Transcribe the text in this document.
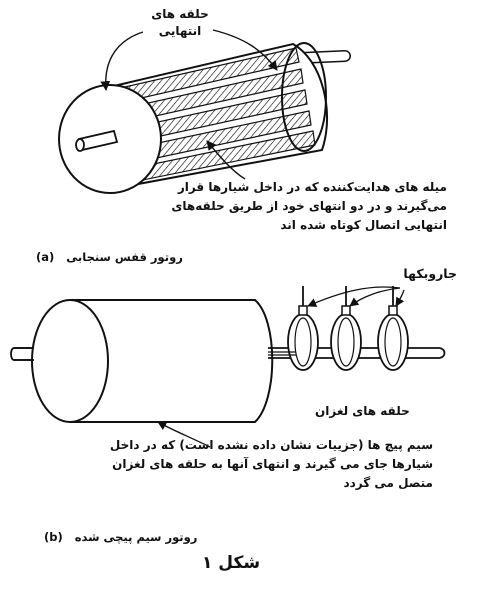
حلقه های
انتهایی
میله های هدایت‌کننده که در داخل شیارها قرار
می‌گیرند و در دو انتهای خود از طریق حلقه‌های
انتهایی اتصال کوتاه شده اند
روتور قفس سنجابی   (a)
جاروبکها
حلقه های لغزان
سیم پیچ ها (جزییات نشان داده نشده است) که در داخل
شیارها جای می گیرند و انتهای آنها به حلقه های لغزان
متصل می گردد
روتور سیم پیچی شده   (b)
شکل ۱
